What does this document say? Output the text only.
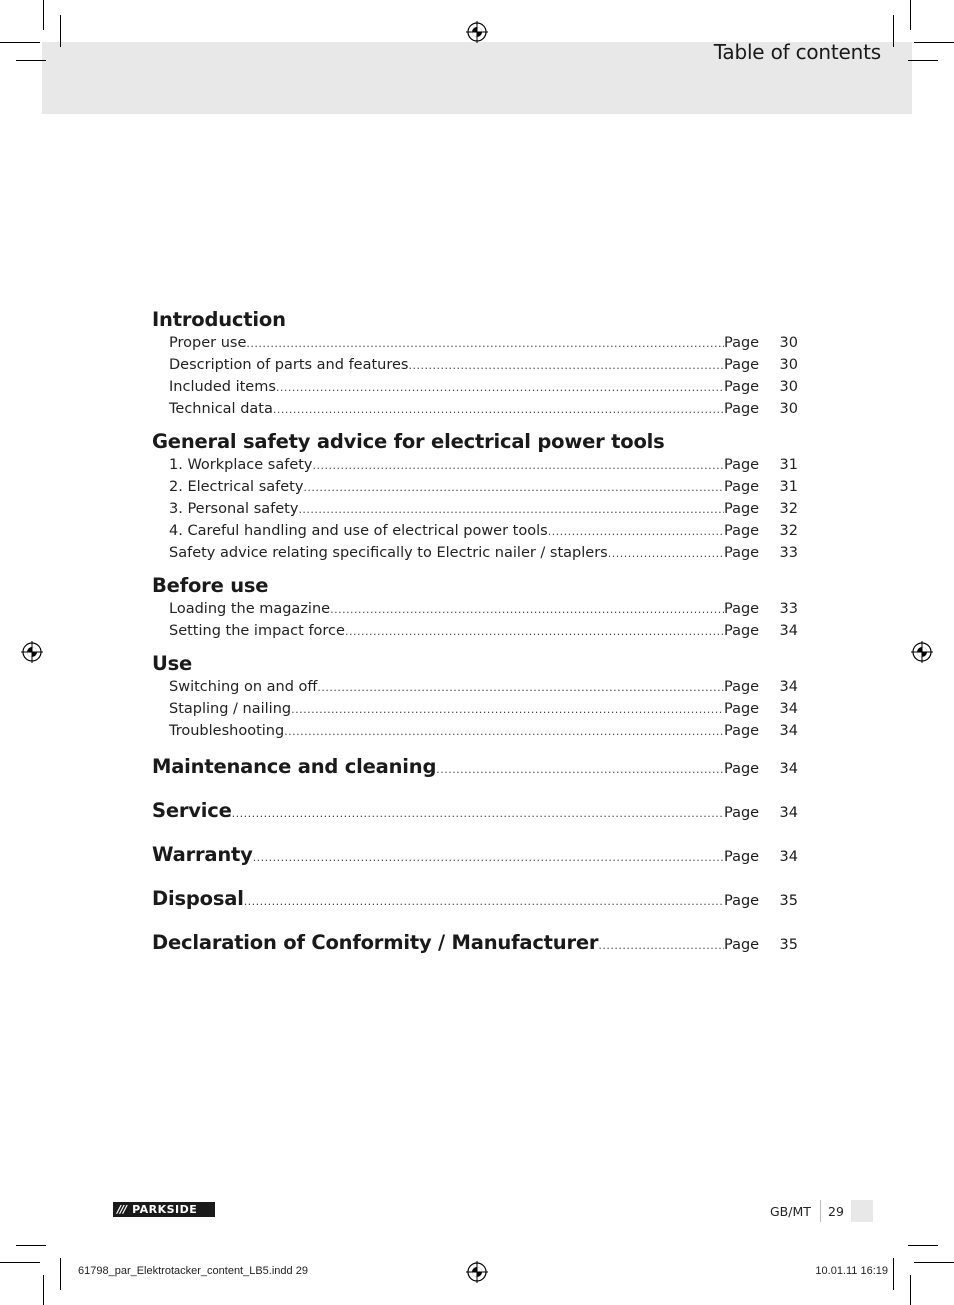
Table of contents
Introduction
Proper use .....	Page	30
Description of parts and features .....	Page	30
Included items .....	Page	30
Technical data .....	Page	30
General safety advice for electrical power tools
1. Workplace safety .....	Page	31
2. Electrical safety .....	Page	31
3. Personal safety .....	Page	32
4. Careful handling and use of electrical power tools .....	Page	32
Safety advice relating specifically to Electric nailer / staplers .....	Page	33
Before use
Loading the magazine .....	Page	33
Setting the impact force .....	Page	34
Use
Switching on and off .....	Page	34
Stapling / nailing .....	Page	34
Troubleshooting .....	Page	34
Maintenance and cleaning .....	Page	34
Service .....	Page	34
Warranty .....	Page	34
Disposal .....	Page	35
Declaration of Conformity / Manufacturer .....	Page	35
/// PARKSIDE	GB/MT 29
61798_par_Elektrotacker_content_LB5.indd 29	10.01.11 16:19
